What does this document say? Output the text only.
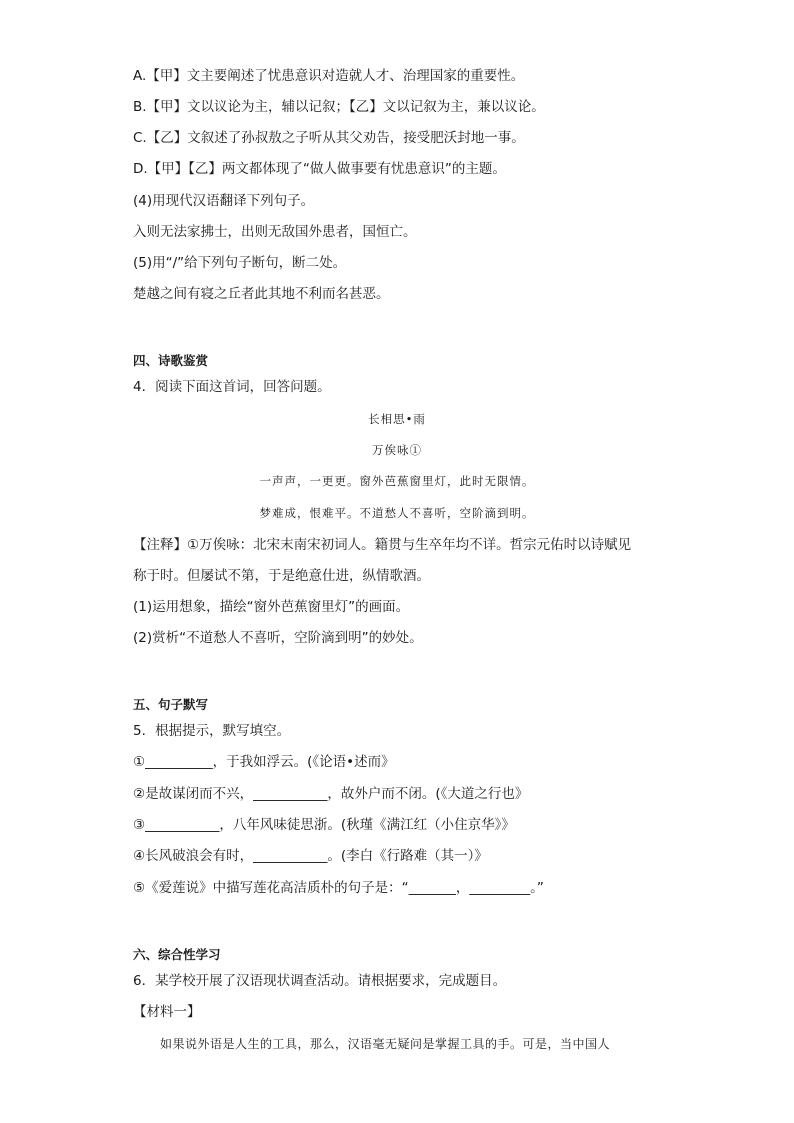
A.【甲】文主要阐述了忧患意识对造就人才、治理国家的重要性。
B.【甲】文以议论为主，辅以记叙；【乙】文以记叙为主，兼以议论。
C.【乙】文叙述了孙叔敖之子听从其父劝告，接受肥沃封地一事。
D.【甲】【乙】两文都体现了“做人做事要有忧患意识”的主题。
(4)用现代汉语翻译下列句子。
入则无法家拂士，出则无敌国外患者，国恒亡。
(5)用“/”给下列句子断句，断二处。
楚越之间有寝之丘者此其地不利而名甚恶。
四、诗歌鉴赏
4．阅读下面这首词，回答问题。
长相思•雨
万俟咏①
一声声，一更更。窗外芭蕉窗里灯，此时无限情。
梦难成，恨难平。不道愁人不喜听，空阶滴到明。
【注释】①万俟咏：北宋末南宋初词人。籍贯与生卒年均不详。哲宗元佑时以诗赋见
称于时。但屡试不第，于是绝意仕进，纵情歌酒。
(1)运用想象，描绘“窗外芭蕉窗里灯”的画面。
(2)赏析“不道愁人不喜听，空阶滴到明”的妙处。
五、句子默写
5．根据提示，默写填空。
①__________，于我如浮云。(《论语•述而》
②是故谋闭而不兴，___________，故外户而不闭。(《大道之行也》
③___________，八年风味徒思浙。(秋瑾《满江红（小住京华》》
④长风破浪会有时，___________。(李白《行路难（其一）》
⑤《爱莲说》中描写莲花高洁质朴的句子是：“_______，_________。”
六、综合性学习
6．某学校开展了汉语现状调查活动。请根据要求，完成题目。
【材料一】
如果说外语是人生的工具，那么，汉语毫无疑问是掌握工具的手。可是，当中国人
